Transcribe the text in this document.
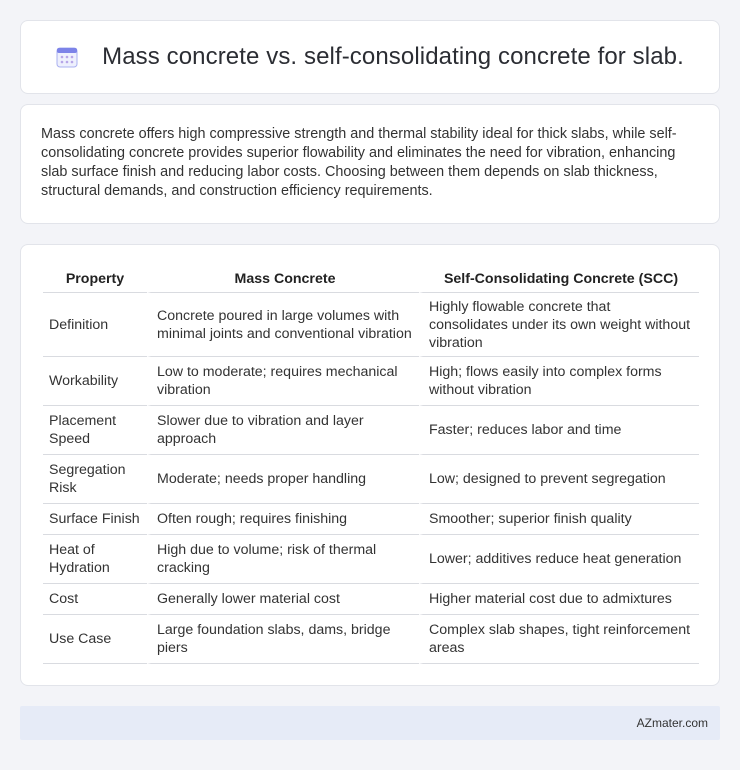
Mass concrete vs. self-consolidating concrete for slab.

Mass concrete offers high compressive strength and thermal stability ideal for thick slabs, while self-consolidating concrete provides superior flowability and eliminates the need for vibration, enhancing slab surface finish and reducing labor costs. Choosing between them depends on slab thickness, structural demands, and construction efficiency requirements.

Property	Mass Concrete	Self-Consolidating Concrete (SCC)
Definition	Concrete poured in large volumes with minimal joints and conventional vibration	Highly flowable concrete that consolidates under its own weight without vibration
Workability	Low to moderate; requires mechanical vibration	High; flows easily into complex forms without vibration
Placement Speed	Slower due to vibration and layer approach	Faster; reduces labor and time
Segregation Risk	Moderate; needs proper handling	Low; designed to prevent segregation
Surface Finish	Often rough; requires finishing	Smoother; superior finish quality
Heat of Hydration	High due to volume; risk of thermal cracking	Lower; additives reduce heat generation
Cost	Generally lower material cost	Higher material cost due to admixtures
Use Case	Large foundation slabs, dams, bridge piers	Complex slab shapes, tight reinforcement areas
AZmater.com
